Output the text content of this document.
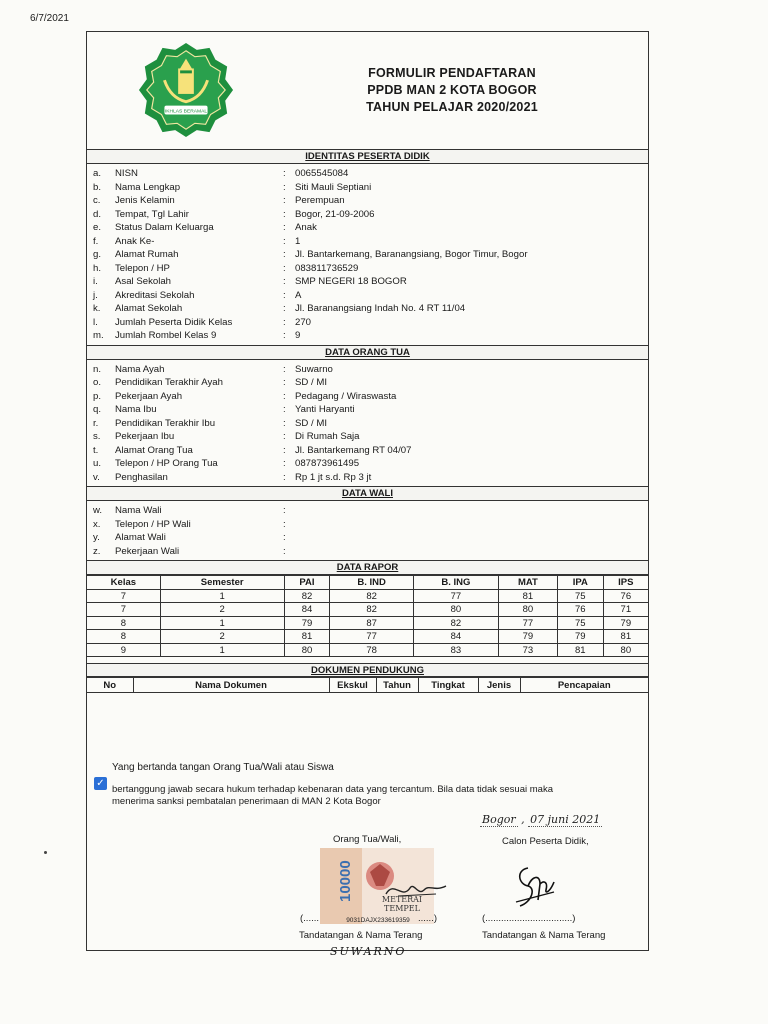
6/7/2021
IKHLAS BERAMAL
FORMULIR PENDAFTARAN
PPDB MAN 2 KOTA BOGOR
TAHUN PELAJAR 2020/2021
IDENTITAS PESERTA DIDIK
a.	NISN	: 0065545084
b.	Nama Lengkap	: Siti Mauli Septiani
c.	Jenis Kelamin	: Perempuan
d.	Tempat, Tgl Lahir	: Bogor, 21-09-2006
e.	Status Dalam Keluarga	: Anak
f.	Anak Ke-	: 1
g.	Alamat Rumah	: Jl. Bantarkemang, Baranangsiang, Bogor Timur, Bogor
h.	Telepon / HP	: 083811736529
i.	Asal Sekolah	: SMP NEGERI 18 BOGOR
j.	Akreditasi Sekolah	: A
k.	Alamat Sekolah	: Jl. Baranangsiang Indah No. 4 RT 11/04
l.	Jumlah Peserta Didik Kelas	: 270
m.	Jumlah Rombel Kelas 9	: 9
DATA ORANG TUA
n.	Nama Ayah	: Suwarno
o.	Pendidikan Terakhir Ayah	: SD / MI
p.	Pekerjaan Ayah	: Pedagang / Wiraswasta
q.	Nama Ibu	: Yanti Haryanti
r.	Pendidikan Terakhir Ibu	: SD / MI
s.	Pekerjaan Ibu	: Di Rumah Saja
t.	Alamat Orang Tua	: Jl. Bantarkemang RT 04/07
u.	Telepon / HP Orang Tua	: 087873961495
v.	Penghasilan	: Rp 1 jt s.d. Rp 3 jt
DATA WALI
w.	Nama Wali	:
x.	Telepon / HP Wali	:
y.	Alamat Wali	:
z.	Pekerjaan Wali	:
DATA RAPOR
Kelas	Semester	PAI	B. IND	B. ING	MAT	IPA	IPS
7	1	82	82	77	81	75	76
7	2	84	82	80	80	76	71
8	1	79	87	82	77	75	79
8	2	81	77	84	79	79	81
9	1	80	78	83	73	81	80
DOKUMEN PENDUKUNG
No	Nama Dokumen	Ekskul	Tahun	Tingkat	Jenis	Pencapaian
Yang bertanda tangan Orang Tua/Wali atau Siswa
✓
bertanggung jawab secara hukum terhadap kebenaran data yang tercantum. Bila data tidak sesuai maka
menerima sanksi pembatalan penerimaan di MAN 2 Kota Bogor
Bogor , 07 juni 2021
Orang Tua/Wali,	Calon Peserta Didik,
10000	METERAI
TEMPEL
9031DAJX233619359
(......	......)	(.................................)
Tandatangan & Nama Terang	Tandatangan & Nama Terang
SUWARNO
